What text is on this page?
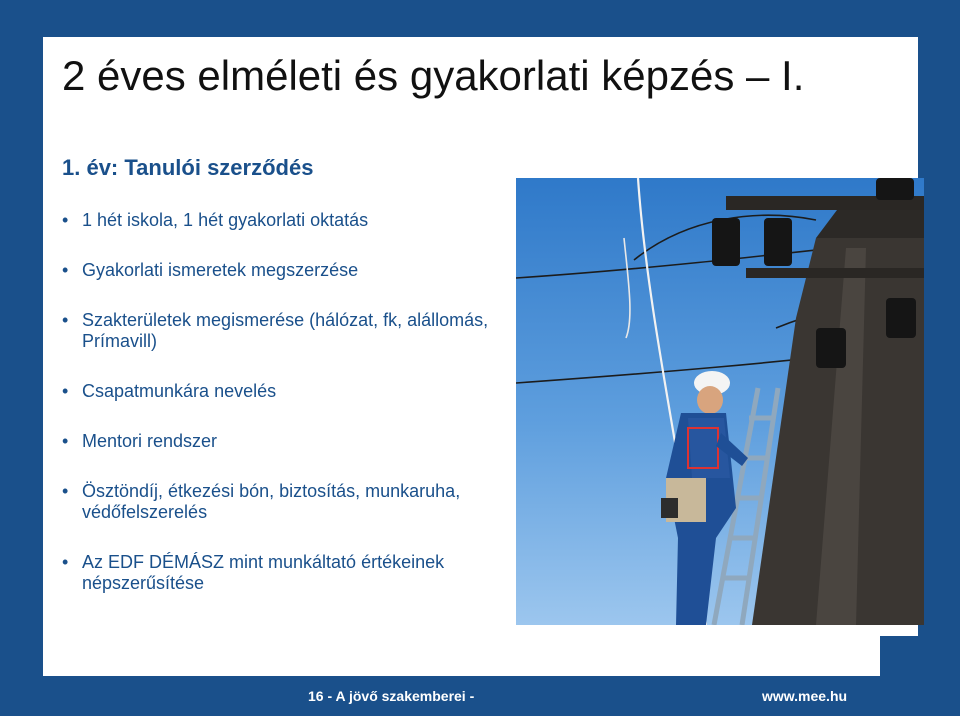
2 éves elméleti és gyakorlati képzés – I.
1. év: Tanulói szerződés
• 1 hét iskola, 1 hét gyakorlati oktatás
• Gyakorlati ismeretek megszerzése
• Szakterületek megismerése (hálózat, fk, alállomás, Prímavill)
• Csapatmunkára nevelés
• Mentori rendszer
• Ösztöndíj, étkezési bón, biztosítás, munkaruha, védőfelszerelés
• Az EDF DÉMÁSZ mint munkáltató értékeinek népszerűsítése
16 - A jövő szakemberei -	www.mee.hu
